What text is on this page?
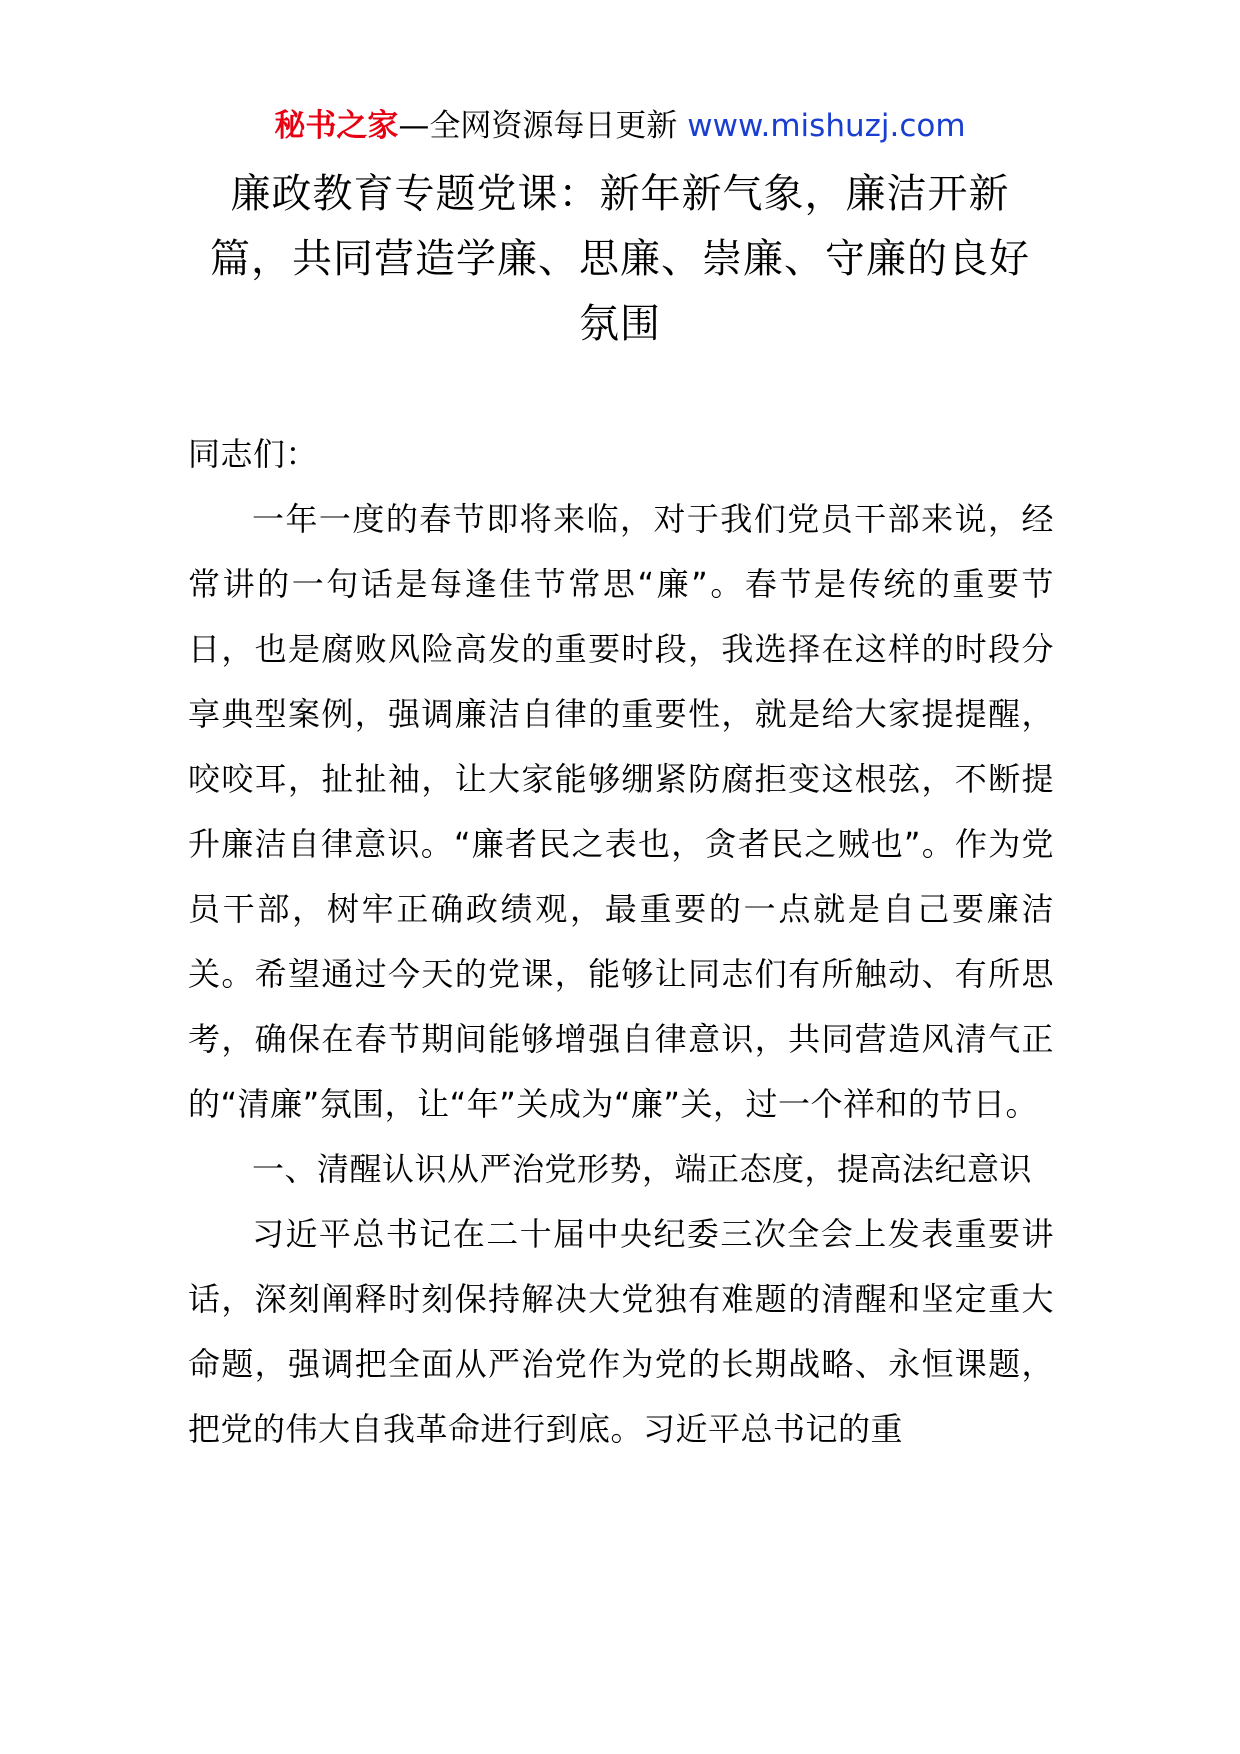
秘书之家—全网资源每日更新 www.mishuzj.com
廉政教育专题党课：新年新气象，廉洁开新篇，共同营造学廉、思廉、崇廉、守廉的良好氛围

同志们：

一年一度的春节即将来临，对于我们党员干部来说，经常讲的一句话是每逢佳节常思“廉”。春节是传统的重要节日，也是腐败风险高发的重要时段，我选择在这样的时段分享典型案例，强调廉洁自律的重要性，就是给大家提提醒，咬咬耳，扯扯袖，让大家能够绷紧防腐拒变这根弦，不断提升廉洁自律意识。“廉者民之表也，贪者民之贼也”。作为党员干部，树牢正确政绩观，最重要的一点就是自己要廉洁关。希望通过今天的党课，能够让同志们有所触动、有所思考，确保在春节期间能够增强自律意识，共同营造风清气正的“清廉”氛围，让“年”关成为“廉”关，过一个祥和的节日。

一、清醒认识从严治党形势，端正态度，提高法纪意识

习近平总书记在二十届中央纪委三次全会上发表重要讲话，深刻阐释时刻保持解决大党独有难题的清醒和坚定重大命题，强调把全面从严治党作为党的长期战略、永恒课题，把党的伟大自我革命进行到底。习近平总书记的重
